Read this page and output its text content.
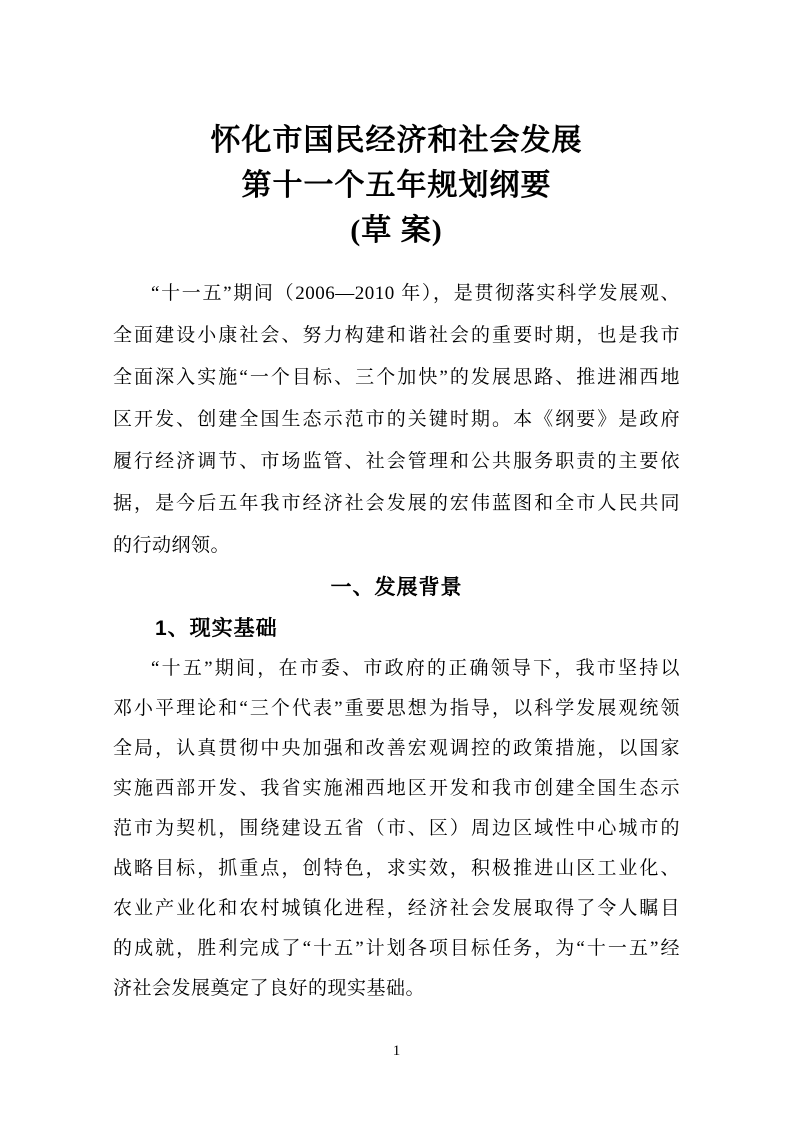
怀化市国民经济和社会发展
第十一个五年规划纲要
(草 案)
“十一五”期间（2006—2010 年），是贯彻落实科学发展观、
全面建设小康社会、努力构建和谐社会的重要时期，也是我市
全面深入实施“一个目标、三个加快”的发展思路、推进湘西地
区开发、创建全国生态示范市的关键时期。本《纲要》是政府
履行经济调节、市场监管、社会管理和公共服务职责的主要依
据，是今后五年我市经济社会发展的宏伟蓝图和全市人民共同
的行动纲领。
一、发展背景
1、现实基础
“十五”期间，在市委、市政府的正确领导下，我市坚持以
邓小平理论和“三个代表”重要思想为指导，以科学发展观统领
全局，认真贯彻中央加强和改善宏观调控的政策措施，以国家
实施西部开发、我省实施湘西地区开发和我市创建全国生态示
范市为契机，围绕建设五省（市、区）周边区域性中心城市的
战略目标，抓重点，创特色，求实效，积极推进山区工业化、
农业产业化和农村城镇化进程，经济社会发展取得了令人瞩目
的成就，胜利完成了“十五”计划各项目标任务，为“十一五”经
济社会发展奠定了良好的现实基础。
1
